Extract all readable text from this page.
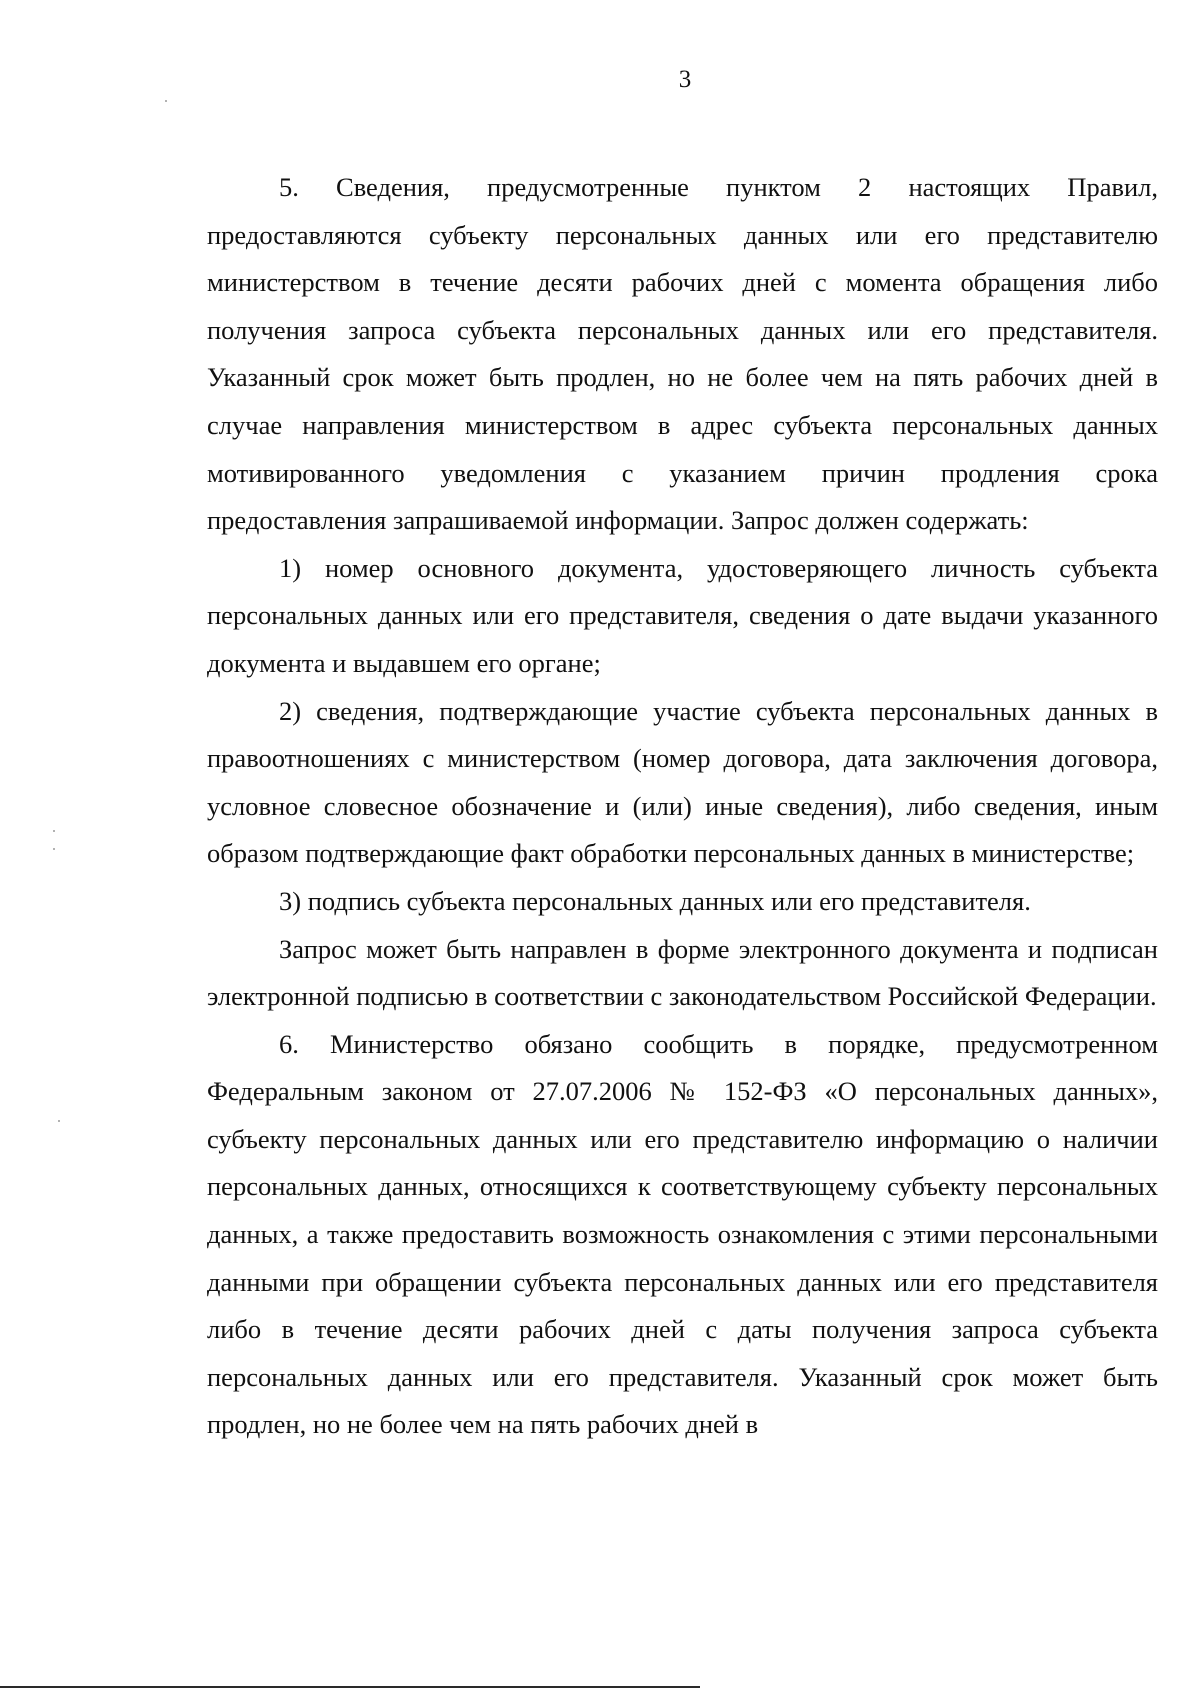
3

5. Сведения, предусмотренные пунктом 2 настоящих Правил, предоставляются субъекту персональных данных или его представителю министерством в течение десяти рабочих дней с момента обращения либо получения запроса субъекта персональных данных или его представителя. Указанный срок может быть продлен, но не более чем на пять рабочих дней в случае направления министерством в адрес субъекта персональных данных мотивированного уведомления с указанием причин продления срока предоставления запрашиваемой информации. Запрос должен содержать:

1) номер основного документа, удостоверяющего личность субъекта персональных данных или его представителя, сведения о дате выдачи указанного документа и выдавшем его органе;

2) сведения, подтверждающие участие субъекта персональных данных в правоотношениях с министерством (номер договора, дата заключения договора, условное словесное обозначение и (или) иные сведения), либо сведения, иным образом подтверждающие факт обработки персональных данных в министерстве;

3) подпись субъекта персональных данных или его представителя.

Запрос может быть направлен в форме электронного документа и подписан электронной подписью в соответствии с законодательством Российской Федерации.

6. Министерство обязано сообщить в порядке, предусмотренном Федеральным законом от 27.07.2006 № 152-ФЗ «О персональных данных», субъекту персональных данных или его представителю информацию о наличии персональных данных, относящихся к соответствующему субъекту персональных данных, а также предоставить возможность ознакомления с этими персональными данными при обращении субъекта персональных данных или его представителя либо в течение десяти рабочих дней с даты получения запроса субъекта персональных данных или его представителя. Указанный срок может быть продлен, но не более чем на пять рабочих дней в
